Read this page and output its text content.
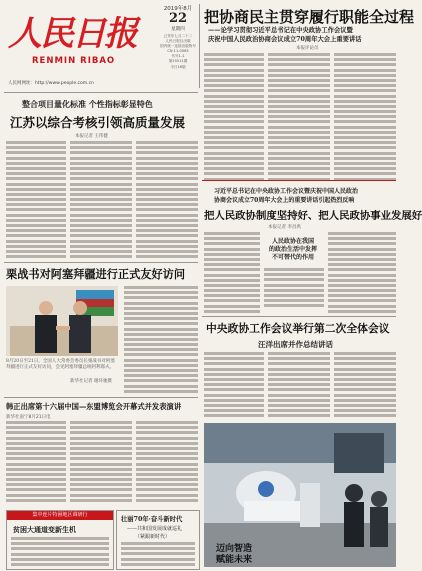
人民日报
RENMIN RIBAO
人民网网址：http://www.people.com.cn
2019年8月
22
星期四
己亥年七月二十二
人民日报社出版
国内统一连续出版物号
CN 11-0065
代号1-1
第25511期
今日16版
把协商民主贯穿履行职能全过程
——论学习贯彻习近平总书记在中央政协工作会议暨
庆祝中国人民政治协商会议成立70周年大会上重要讲话
本报评论员
整合项目量化标准 个性指标彰显特色
江苏以综合考核引领高质量发展
本报记者 王伟健
习近平总书记在中央政协工作会议暨庆祝中国人民政治
协商会议成立70周年大会上的重要讲话引起热烈反响
把人民政协制度坚持好、把人民政协事业发展好
本报记者 李昌禹
人民政协在我国
的政治生活中发挥
不可替代的作用
栗战书对阿塞拜疆进行正式友好访问
8月20日至21日，全国人大常委会委员长栗战书对阿塞拜疆进行正式友好访问，会见阿塞拜疆总统阿利耶夫。
新华社记者 谢环驰摄
中央政协工作会议举行第二次全体会议
汪洋出席并作总结讲话
韩正出席第十六届中国—东盟博览会开幕式并发表演讲
新华社南宁8月21日电
集中连片特困地区调研行
贫困大通道变新生机
壮丽70年·奋斗新时代
——共和国发展成就巡礼
（紧跟新时代）
迈向智造
赋能未来
